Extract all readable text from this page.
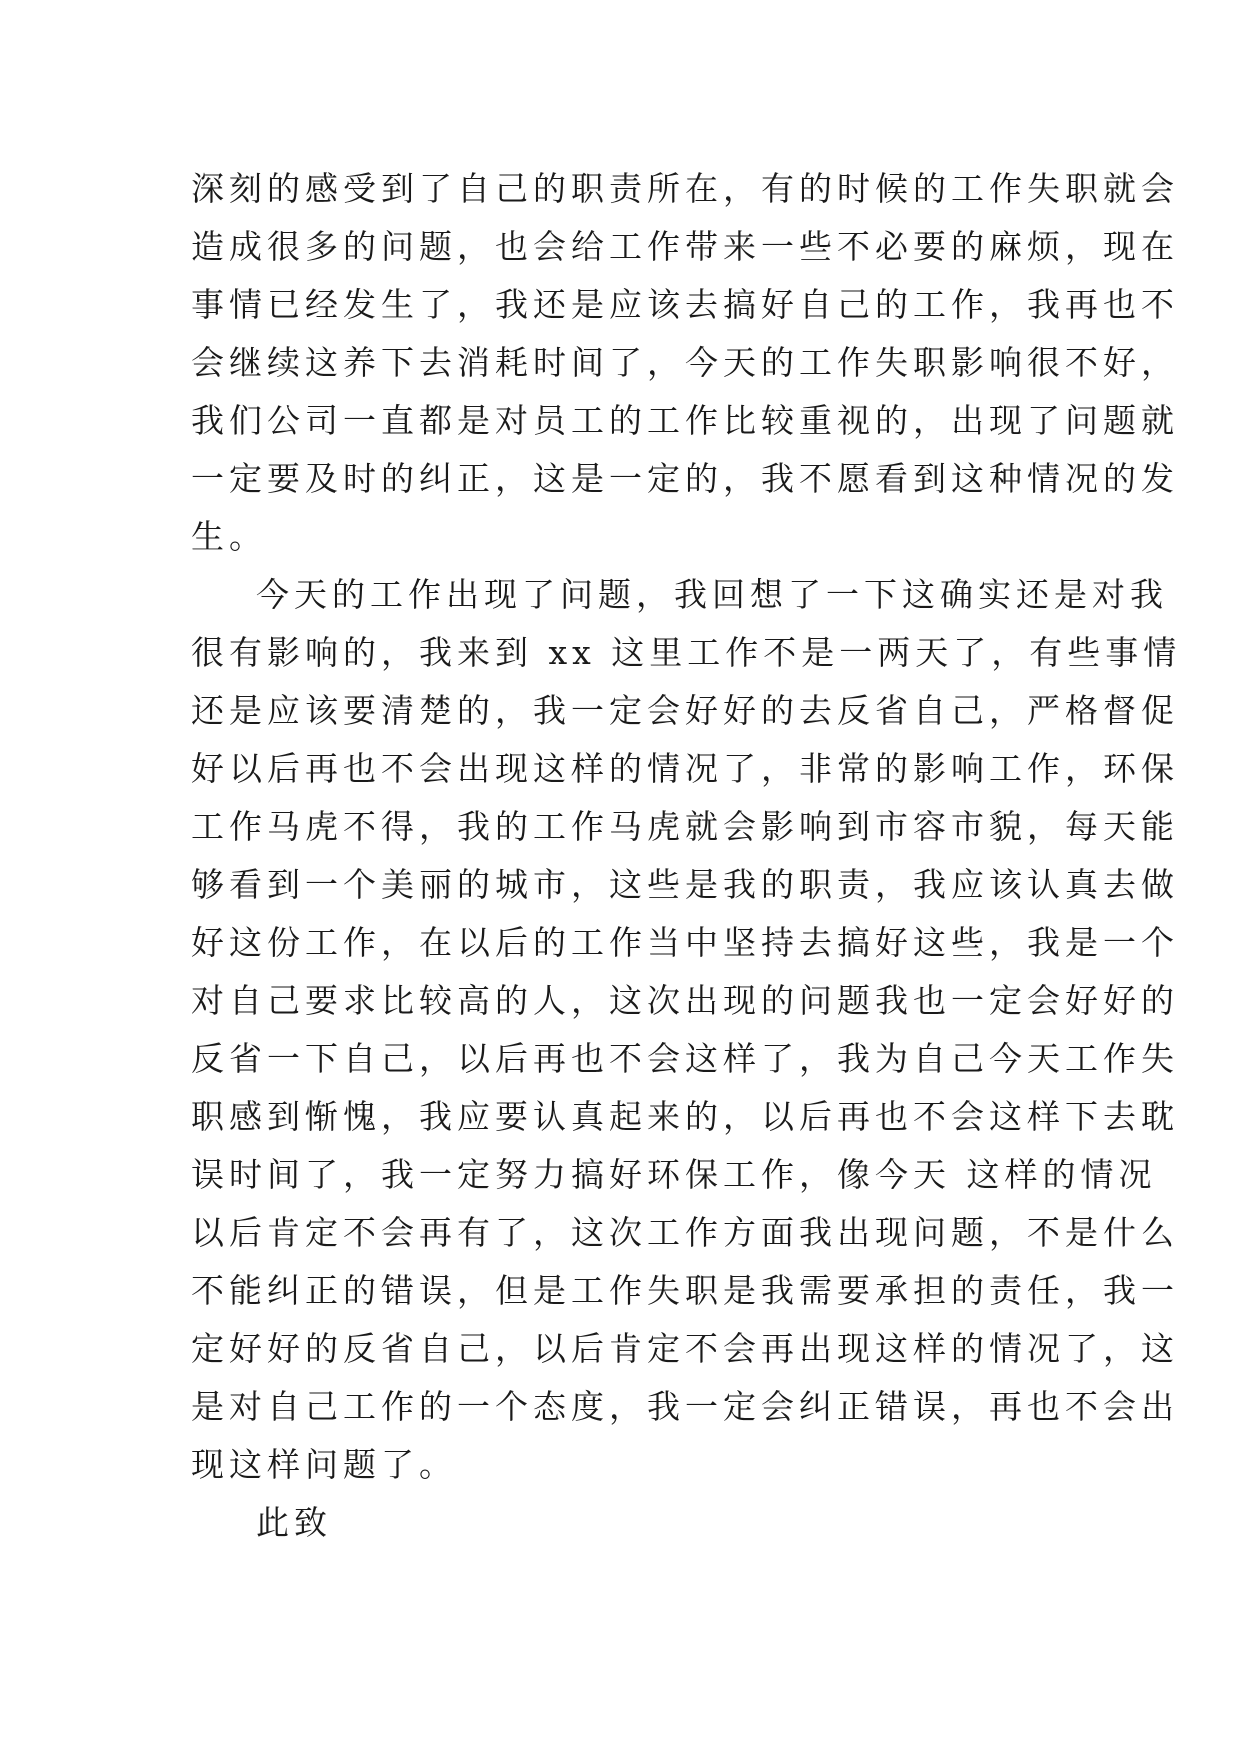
深刻的感受到了自己的职责所在，有的时候的工作失职就会
造成很多的问题，也会给工作带来一些不必要的麻烦，现在
事情已经发生了，我还是应该去搞好自己的工作，我再也不
会继续这养下去消耗时间了，今天的工作失职影响很不好，
我们公司一直都是对员工的工作比较重视的，出现了问题就
一定要及时的纠正，这是一定的，我不愿看到这种情况的发
生。
今天的工作出现了问题，我回想了一下这确实还是对我
很有影响的，我来到 xx 这里工作不是一两天了，有些事情
还是应该要清楚的，我一定会好好的去反省自己，严格督促
好以后再也不会出现这样的情况了，非常的影响工作，环保
工作马虎不得，我的工作马虎就会影响到市容市貌，每天能
够看到一个美丽的城市，这些是我的职责，我应该认真去做
好这份工作，在以后的工作当中坚持去搞好这些，我是一个
对自己要求比较高的人，这次出现的问题我也一定会好好的
反省一下自己，以后再也不会这样了，我为自己今天工作失
职感到惭愧，我应要认真起来的，以后再也不会这样下去耽
误时间了，我一定努力搞好环保工作，像今天 这样的情况
以后肯定不会再有了，这次工作方面我出现问题，不是什么
不能纠正的错误，但是工作失职是我需要承担的责任，我一
定好好的反省自己，以后肯定不会再出现这样的情况了，这
是对自己工作的一个态度，我一定会纠正错误，再也不会出
现这样问题了。
此致
